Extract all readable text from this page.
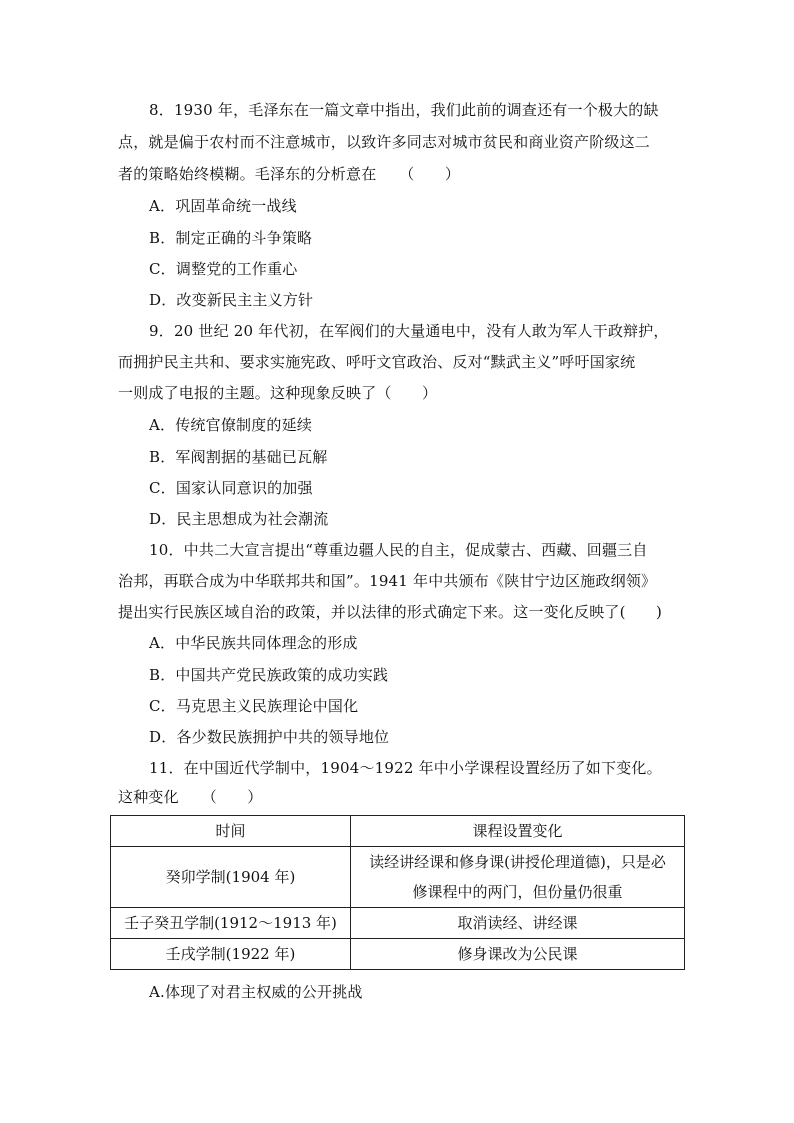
8．1930 年，毛泽东在一篇文章中指出，我们此前的调查还有一个极大的缺
点，就是偏于农村而不注意城市，以致许多同志对城市贫民和商业资产阶级这二
者的策略始终模糊。毛泽东的分析意在　　（　　）
A．巩固革命统一战线
B．制定正确的斗争策略
C．调整党的工作重心
D．改变新民主主义方针
9．20 世纪 20 年代初，在军阀们的大量通电中，没有人敢为军人干政辩护，
而拥护民主共和、要求实施宪政、呼吁文官政治、反对“黩武主义”呼吁国家统
一则成了电报的主题。这种现象反映了（　　）
A．传统官僚制度的延续
B．军阀割据的基础已瓦解
C．国家认同意识的加强
D．民主思想成为社会潮流
10．中共二大宣言提出“尊重边疆人民的自主，促成蒙古、西藏、回疆三自
治邦，再联合成为中华联邦共和国”。1941 年中共颁布《陕甘宁边区施政纲领》
提出实行民族区域自治的政策，并以法律的形式确定下来。这一变化反映了(　　)
A．中华民族共同体理念的形成
B．中国共产党民族政策的成功实践
C．马克思主义民族理论中国化
D．各少数民族拥护中共的领导地位
11．在中国近代学制中，1904～1922 年中小学课程设置经历了如下变化。
这种变化　　（　　）
时间	课程设置变化
癸卯学制(1904 年)	读经讲经课和修身课(讲授伦理道德)，只是必
修课程中的两门，但份量仍很重

壬子癸丑学制(1912～1913 年)	取消读经、讲经课
壬戌学制(1922 年)	修身课改为公民课
A.体现了对君主权威的公开挑战
